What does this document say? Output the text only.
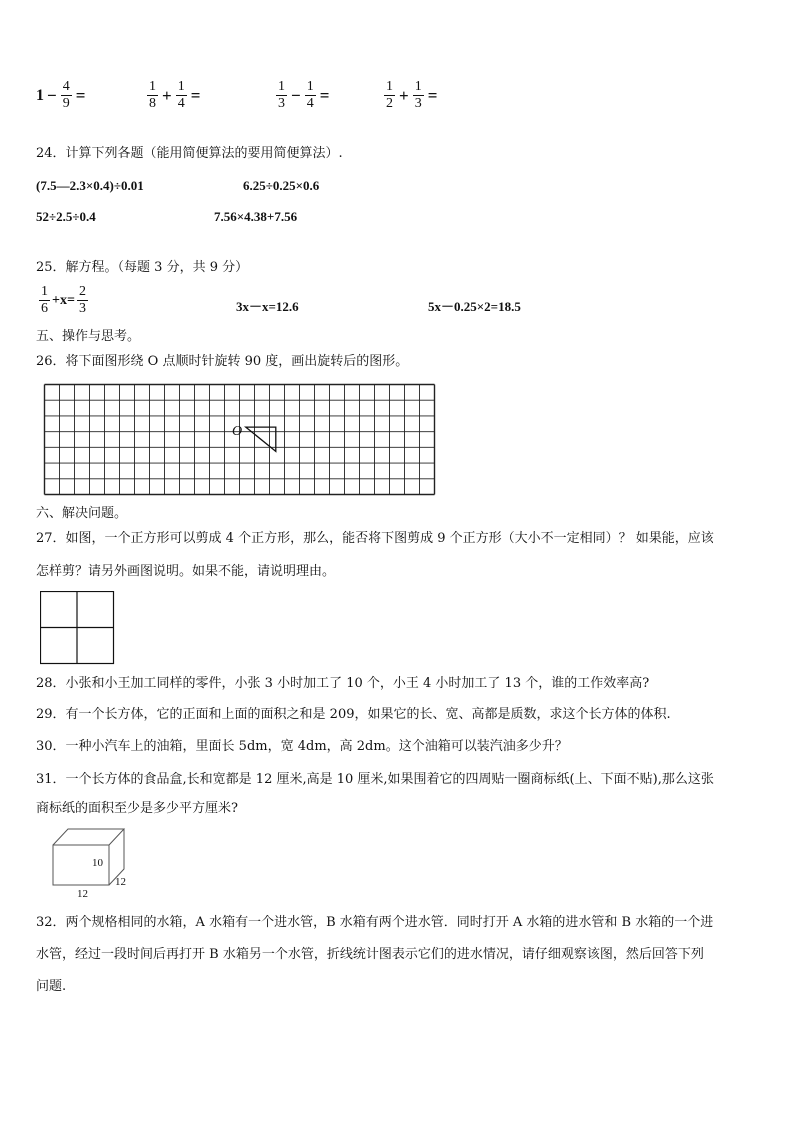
$1 - \frac{4}{9}$ =	$\frac{1}{8} + \frac{1}{4}$ =	$\frac{1}{3} - \frac{1}{4}$ =	$\frac{1}{2} + \frac{1}{3}$ =
24．计算下列各题（能用简便算法的要用简便算法）.
(7.5—2.3×0.4)÷0.01	6.25÷0.25×0.6
52÷2.5÷0.4	7.56×4.38+7.56
25．解方程。（每题 3 分，共 9 分）
$\frac{1}{6} +x= \frac{2}{3}$	3x－x=12.6	5x－0.25×2=18.5
五、操作与思考。
26．将下面图形绕 O 点顺时针旋转 90 度，画出旋转后的图形。
O
六、解决问题。
27．如图，一个正方形可以剪成 4 个正方形，那么，能否将下图剪成 9 个正方形（大小不一定相同）？ 如果能，应该
怎样剪？请另外画图说明。如果不能，请说明理由。
28．小张和小王加工同样的零件，小张 3 小时加工了 10 个，小王 4 小时加工了 13 个，谁的工作效率高?
29．有一个长方体，它的正面和上面的面积之和是 209，如果它的长、宽、高都是质数，求这个长方体的体积.
30．一种小汽车上的油箱，里面长 5dm，宽 4dm，高 2dm。这个油箱可以装汽油多少升？
31．一个长方体的食品盒,长和宽都是 12 厘米,高是 10 厘米,如果围着它的四周贴一圈商标纸(上、下面不贴),那么这张
商标纸的面积至少是多少平方厘米?
10
12
12
32．两个规格相同的水箱，A 水箱有一个进水管，B 水箱有两个进水管．同时打开 A 水箱的进水管和 B 水箱的一个进
水管，经过一段时间后再打开 B 水箱另一个水管，折线统计图表示它们的进水情况，请仔细观察该图，然后回答下列
问题.
